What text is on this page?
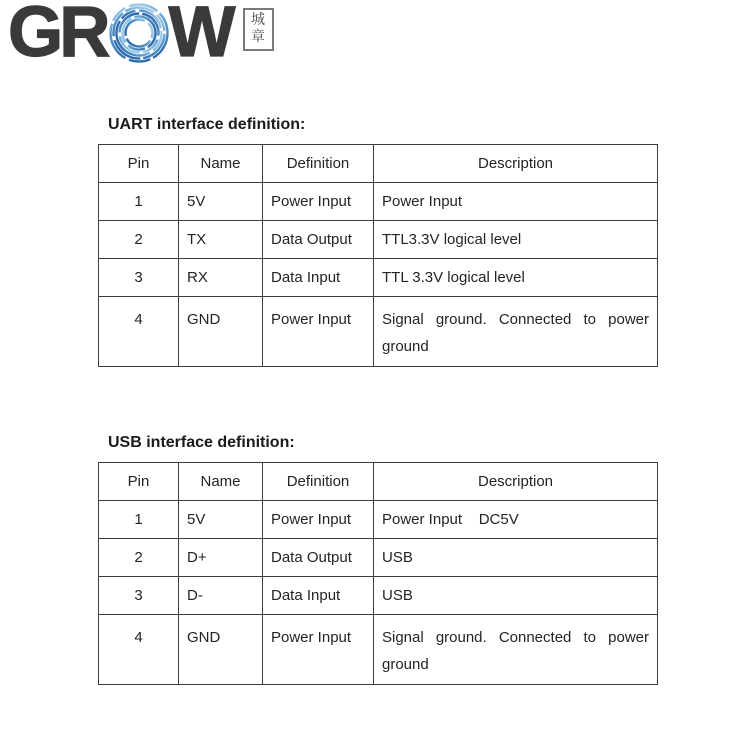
GR W 城
章
UART interface definition:
Pin	Name	Definition	Description
1	5V	Power Input	Power Input
2	TX	Data Output	TTL3.3V logical level
3	RX	Data Input	TTL 3.3V logical level
4	GND	Power Input	Signal ground. Connected to power ground
USB interface definition:
Pin	Name	Definition	Description
1	5V	Power Input	Power Input    DC5V
2	D+	Data Output	USB
3	D-	Data Input	USB
4	GND	Power Input	Signal ground. Connected to power ground
